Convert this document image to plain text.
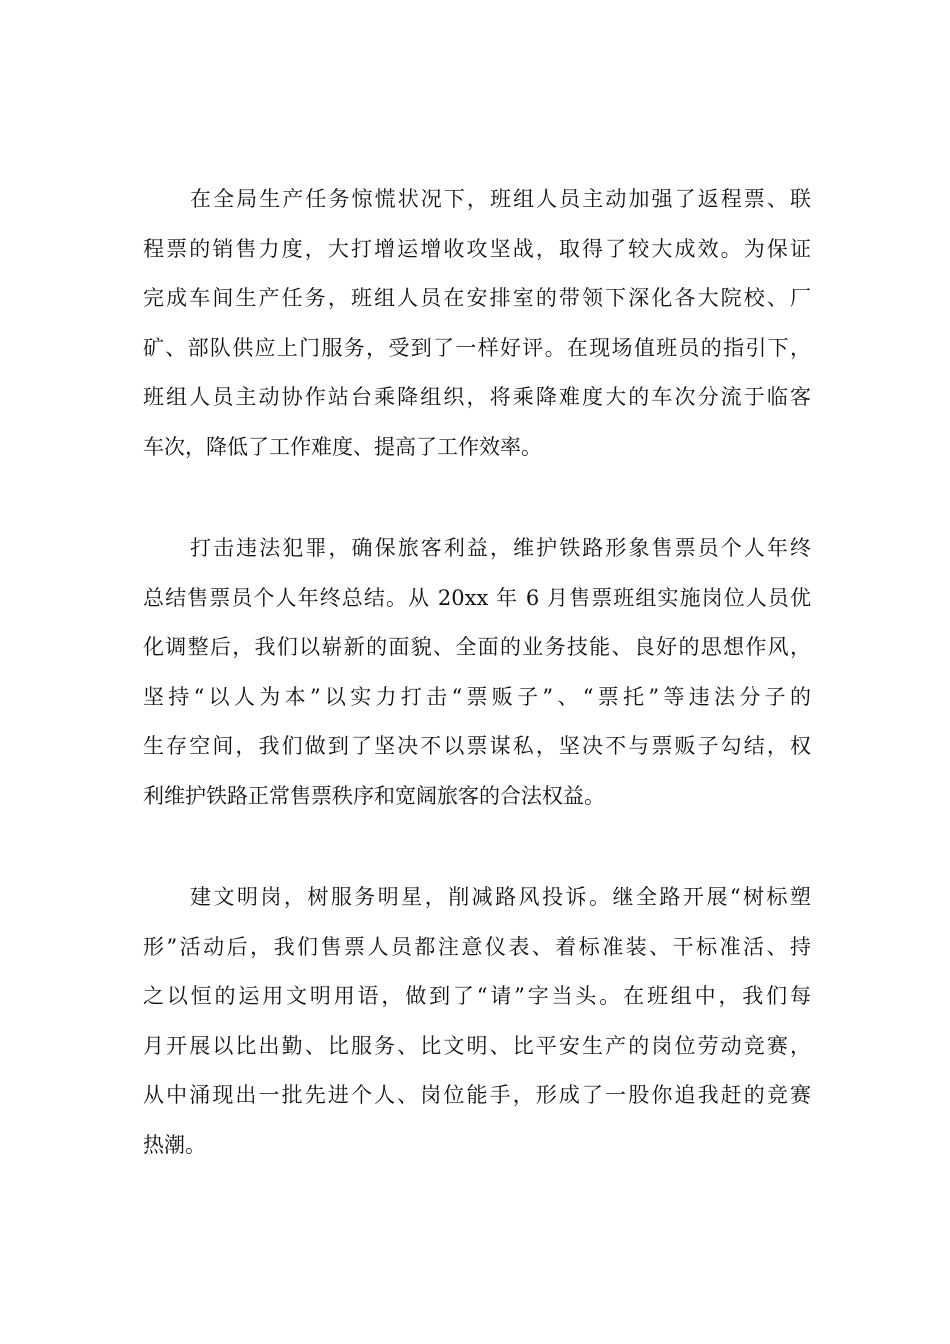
在全局生产任务惊慌状况下，班组人员主动加强了返程票、联
程票的销售力度，大打增运增收攻坚战，取得了较大成效。为保证
完成车间生产任务，班组人员在安排室的带领下深化各大院校、厂
矿、部队供应上门服务，受到了一样好评。在现场值班员的指引下，
班组人员主动协作站台乘降组织，将乘降难度大的车次分流于临客
车次，降低了工作难度、提高了工作效率。
打击违法犯罪，确保旅客利益，维护铁路形象售票员个人年终
总结售票员个人年终总结。从 20xx 年 6 月售票班组实施岗位人员优
化调整后，我们以崭新的面貌、全面的业务技能、良好的思想作风，
坚持“以人为本”以实力打击“票贩子”、“票托”等违法分子的
生存空间，我们做到了坚决不以票谋私，坚决不与票贩子勾结，权
利维护铁路正常售票秩序和宽阔旅客的合法权益。
建文明岗，树服务明星，削减路风投诉。继全路开展“树标塑
形”活动后，我们售票人员都注意仪表、着标准装、干标准活、持
之以恒的运用文明用语，做到了“请”字当头。在班组中，我们每
月开展以比出勤、比服务、比文明、比平安生产的岗位劳动竞赛，
从中涌现出一批先进个人、岗位能手，形成了一股你追我赶的竞赛
热潮。
